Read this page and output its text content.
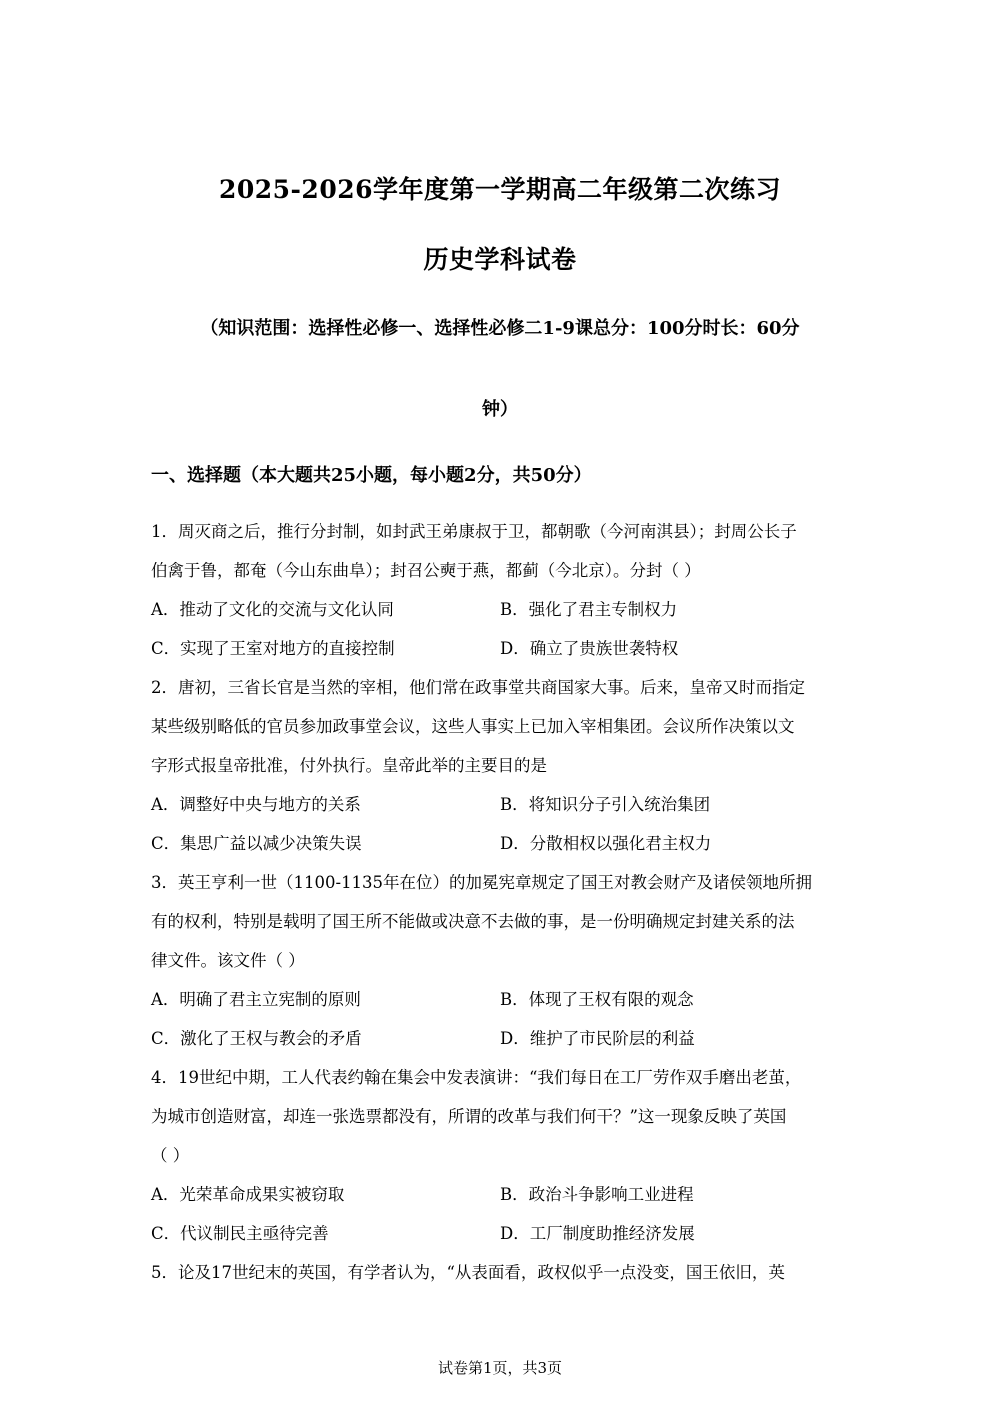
2025-2026学年度第一学期高二年级第二次练习
历史学科试卷
（知识范围：选择性必修一、选择性必修二1-9课总分：100分时长：60分
钟）
一、选择题（本大题共25小题，每小题2分，共50分）
1．周灭商之后，推行分封制，如封武王弟康叔于卫，都朝歌（今河南淇县）；封周公长子
伯禽于鲁，都奄（今山东曲阜）；封召公奭于燕，都蓟（今北京）。分封（ ）
A．推动了文化的交流与文化认同	B．强化了君主专制权力
C．实现了王室对地方的直接控制	D．确立了贵族世袭特权
2．唐初，三省长官是当然的宰相，他们常在政事堂共商国家大事。后来，皇帝又时而指定
某些级别略低的官员参加政事堂会议，这些人事实上已加入宰相集团。会议所作决策以文
字形式报皇帝批准，付外执行。皇帝此举的主要目的是
A．调整好中央与地方的关系	B．将知识分子引入统治集团
C．集思广益以减少决策失误	D．分散相权以强化君主权力
3．英王亨利一世（1100-1135年在位）的加冕宪章规定了国王对教会财产及诸侯领地所拥
有的权利，特别是载明了国王所不能做或决意不去做的事，是一份明确规定封建关系的法
律文件。该文件（ ）
A．明确了君主立宪制的原则	B．体现了王权有限的观念
C．激化了王权与教会的矛盾	D．维护了市民阶层的利益
4．19世纪中期，工人代表约翰在集会中发表演讲：“我们每日在工厂劳作双手磨出老茧，
为城市创造财富，却连一张选票都没有，所谓的改革与我们何干？”这一现象反映了英国
（ ）
A．光荣革命成果实被窃取	B．政治斗争影响工业进程
C．代议制民主亟待完善	D．工厂制度助推经济发展
5．论及17世纪末的英国，有学者认为，“从表面看，政权似乎一点没变，国王依旧，英
试卷第1页，共3页
